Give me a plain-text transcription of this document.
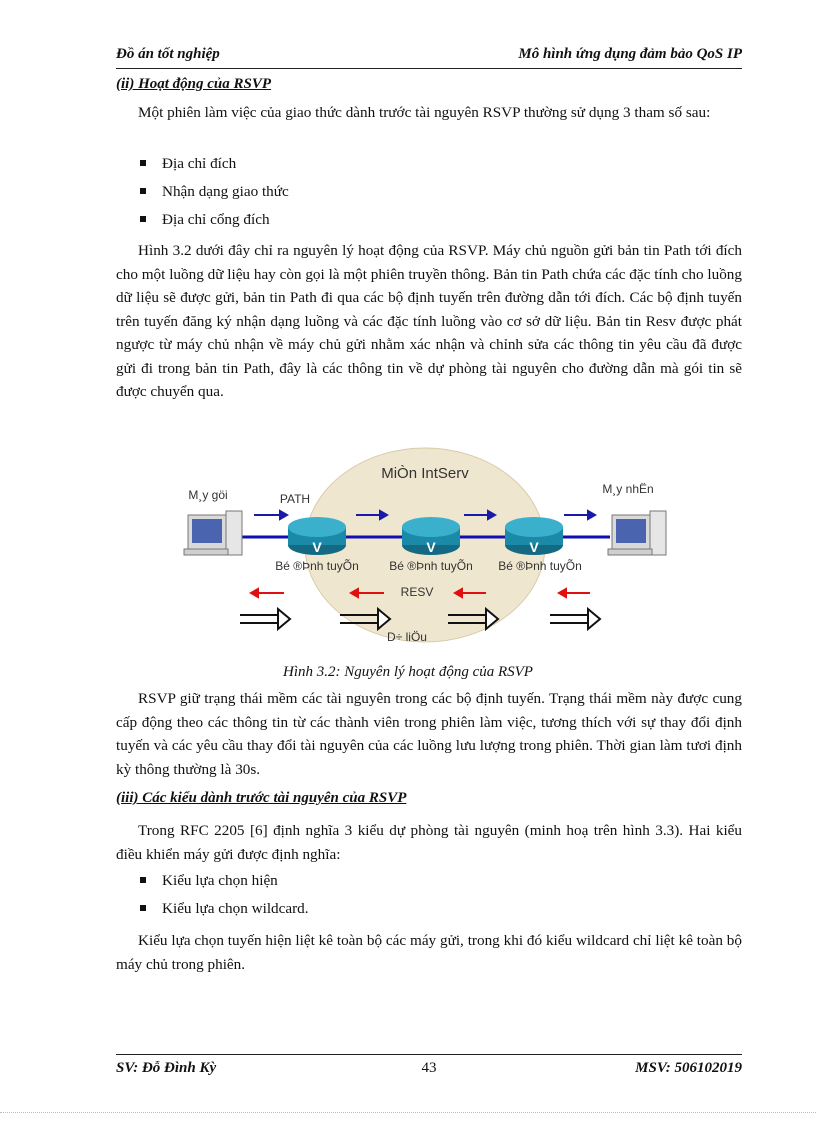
Đồ án tốt nghiệp	Mô hình ứng dụng đảm bảo QoS IP
(ii) Hoạt động của RSVP

Một phiên làm việc của giao thức dành trước tài nguyên RSVP thường sử dụng 3 tham số sau:

Địa chỉ đích
Nhận dạng giao thức
Địa chỉ cổng đích

Hình 3.2 dưới đây chỉ ra nguyên lý hoạt động của RSVP. Máy chủ nguồn gửi bản tin Path tới đích cho một luồng dữ liệu hay còn gọi là một phiên truyền thông. Bản tin Path chứa các đặc tính cho luồng dữ liệu sẽ được gửi, bản tin Path đi qua các bộ định tuyến trên đường dẫn tới đích. Các bộ định tuyến trên tuyến đăng ký nhận dạng luồng và các đặc tính luồng vào cơ sở dữ liệu. Bản tin Resv được phát ngược từ máy chủ nhận về máy chủ gửi nhằm xác nhận và chỉnh sửa các thông tin yêu cầu đã được gửi đi trong bản tin Path, đây là các thông tin về dự phòng tài nguyên cho đường dẫn mà gói tin sẽ được chuyển qua.

MiÒn IntServ
M¸y göi	PATH
M¸y nhËn
V	V	V
Bé ®Þnh tuyÕn	Bé ®Þnh tuyÕn Bé ®Þnh tuyÕn
RESV
D÷ liÖu
Hình 3.2: Nguyên lý hoạt động của RSVP

RSVP giữ trạng thái mềm các tài nguyên trong các bộ định tuyến. Trạng thái mềm này được cung cấp động theo các thông tin từ các thành viên trong phiên làm việc, tương thích với sự thay đổi định tuyến và các yêu cầu thay đổi tài nguyên của các luồng lưu lượng trong phiên. Thời gian làm tươi định kỳ thông thường là 30s.

(iii) Các kiểu dành trước tài nguyên của RSVP

Trong RFC 2205 [6] định nghĩa 3 kiểu dự phòng tài nguyên (minh hoạ trên hình 3.3). Hai kiểu điều khiển máy gửi được định nghĩa:

Kiểu lựa chọn hiện
Kiểu lựa chọn wildcard.

Kiểu lựa chọn tuyến hiện liệt kê toàn bộ các máy gửi, trong khi đó kiểu wildcard chỉ liệt kê toàn bộ máy chủ trong phiên.

SV: Đỗ Đình Kỳ	43	MSV: 506102019
